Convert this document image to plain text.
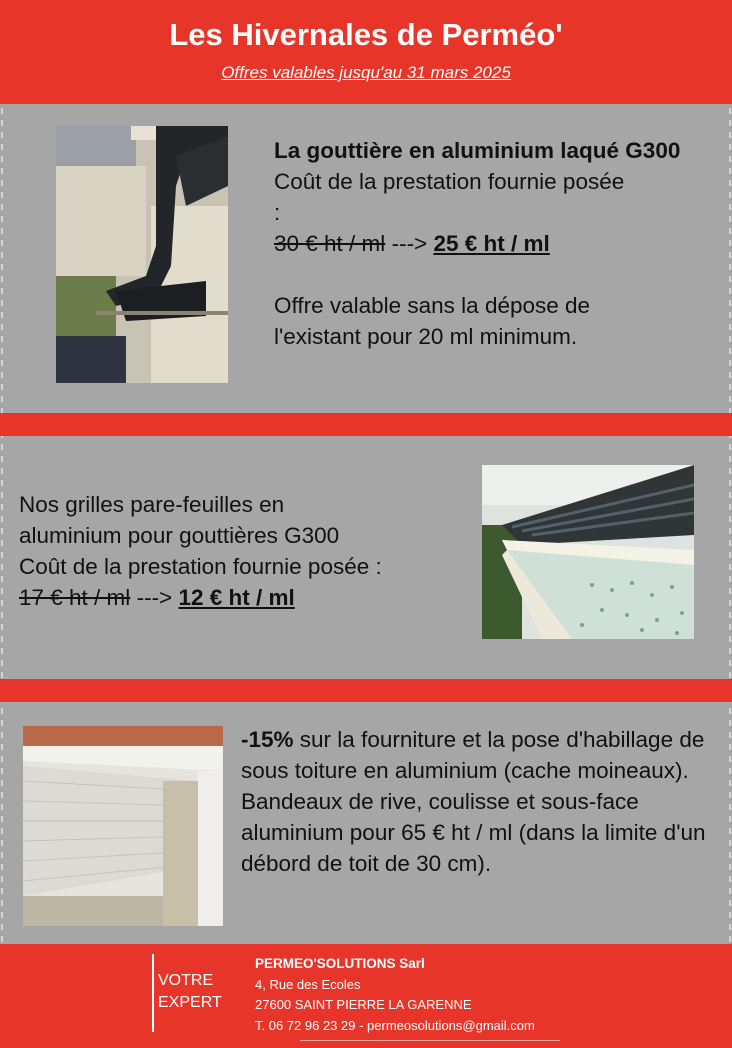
Les Hivernales de Perméo'
Offres valables jusqu'au 31 mars 2025
La gouttière en aluminium laqué G300
Coût de la prestation fournie posée :
30 € ht / ml ---> 25 € ht / ml
Offre valable sans la dépose de l'existant pour 20 ml minimum.
Nos grilles pare-feuilles en
aluminium pour gouttières G300
Coût de la prestation fournie posée :
17 € ht / ml ---> 12 € ht / ml
-15% sur la fourniture et la pose d'habillage de sous toiture en aluminium (cache moineaux).
Bandeaux de rive, coulisse et sous-face aluminium pour 65 € ht / ml (dans la limite d'un débord de toit de 30 cm).
VOTRE
EXPERT
PERMEO'SOLUTIONS Sarl
4, Rue des Ecoles
27600 SAINT PIERRE LA GARENNE
T. 06 72 96 23 29 - permeosolutions@gmail.com
